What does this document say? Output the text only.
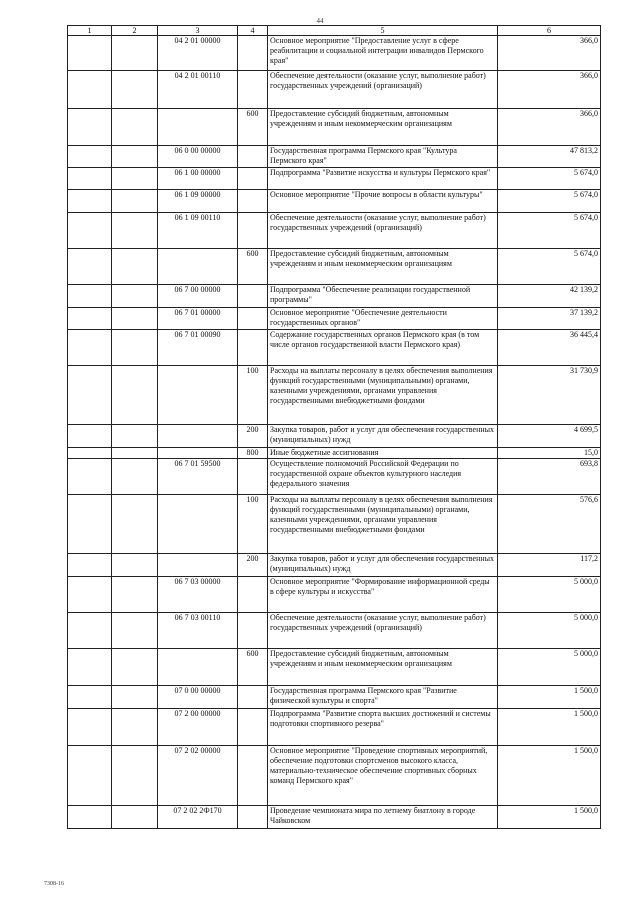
44
1	2	3	4	5	6
		04 2 01 00000		Основное мероприятие "Предоставление услуг в сфере реабилитации и социальной интеграции инвалидов Пермского края"	366,0
		04 2 01 00110		Обеспечение деятельности (оказание услуг, выполнение работ) государственных учреждений (организаций)	366,0
			600	Предоставление субсидий бюджетным, автономным учреждениям и иным некоммерческим организациям	366,0
		06 0 00 00000		Государственная программа Пермского края "Культура Пермского края"	47 813,2
		06 1 00 00000		Подпрограмма "Развитие искусства и культуры Пермского края"	5 674,0
		06 1 09 00000		Основное мероприятие "Прочие вопросы в области культуры"	5 674,0
		06 1 09 00110		Обеспечение деятельности (оказание услуг, выполнение работ) государственных учреждений (организаций)	5 674,0
			600	Предоставление субсидий бюджетным, автономным учреждениям и иным некоммерческим организациям	5 674,0
		06 7 00 00000		Подпрограмма "Обеспечение реализации государственной программы"	42 139,2
		06 7 01 00000		Основное мероприятие "Обеспечение деятельности государственных органов"	37 139,2
		06 7 01 00090		Содержание государственных органов Пермского края (в том числе органов государственной власти Пермского края)	36 445,4
			100	Расходы на выплаты персоналу в целях обеспечения выполнения функций государственными (муниципальными) органами, казенными учреждениями, органами управления государственными внебюджетными фондами	31 730,9
			200	Закупка товаров, работ и услуг для обеспечения государственных (муниципальных) нужд	4 699,5
			800	Иные бюджетные ассигнования	15,0
		06 7 01 59500		Осуществление полномочий Российской Федерации по государственной охране объектов культурного наследия федерального значения	693,8
			100	Расходы на выплаты персоналу в целях обеспечения выполнения функций государственными (муниципальными) органами, казенными учреждениями, органами управления государственными внебюджетными фондами	576,6
			200	Закупка товаров, работ и услуг для обеспечения государственных (муниципальных) нужд	117,2
		06 7 03 00000		Основное мероприятие "Формирование информационной среды в сфере культуры и искусства"	5 000,0
		06 7 03 00110		Обеспечение деятельности (оказание услуг, выполнение работ) государственных учреждений (организаций)	5 000,0
			600	Предоставление субсидий бюджетным, автономным учреждениям и иным некоммерческим организациям	5 000,0
		07 0 00 00000		Государственная программа Пермского края "Развитие физической культуры и спорта"	1 500,0
		07 2 00 00000		Подпрограмма "Развитие спорта высших достижений и системы подготовки спортивного резерва"	1 500,0
		07 2 02 00000		Основное мероприятие "Проведение спортивных мероприятий, обеспечение подготовки спортсменов высокого класса, материально-техническое обеспечение спортивных сборных команд Пермского края"	1 500,0
		07 2 02 2Ф170		Проведение чемпионата мира по летнему биатлону в городе Чайковском	1 500,0
7308-16
